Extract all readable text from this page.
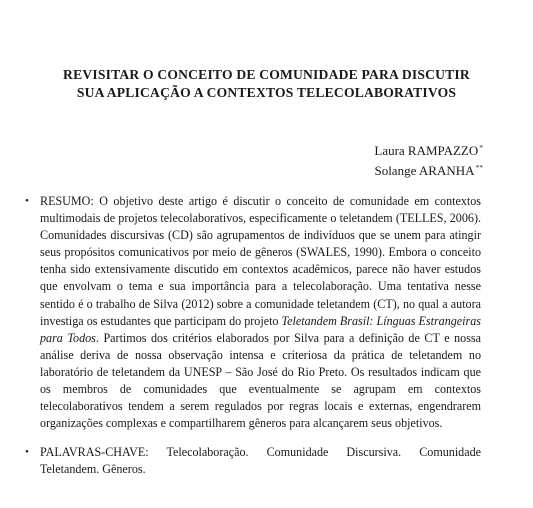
REVISITAR O CONCEITO DE COMUNIDADE PARA DISCUTIR
SUA APLICAÇÃO A CONTEXTOS TELECOLABORATIVOS
Laura RAMPAZZO*
Solange ARANHA**
• RESUMO: O objetivo deste artigo é discutir o conceito de comunidade em contextos multimodais de projetos telecolaborativos, especificamente o teletandem (TELLES, 2006). Comunidades discursivas (CD) são agrupamentos de indivíduos que se unem para atingir seus propósitos comunicativos por meio de gêneros (SWALES, 1990). Embora o conceito tenha sido extensivamente discutido em contextos acadêmicos, parece não haver estudos que envolvam o tema e sua importância para a telecolaboração. Uma tentativa nesse sentido é o trabalho de Silva (2012) sobre a comunidade teletandem (CT), no qual a autora investiga os estudantes que participam do projeto Teletandem Brasil: Línguas Estrangeiras para Todos. Partimos dos critérios elaborados por Silva para a definição de CT e nossa análise deriva de nossa observação intensa e criteriosa da prática de teletandem no laboratório de teletandem da UNESP – São José do Rio Preto. Os resultados indicam que os membros de comunidades que eventualmente se agrupam em contextos telecolaborativos tendem a serem regulados por regras locais e externas, engendrarem organizações complexas e compartilharem gêneros para alcançarem seus objetivos.
• PALAVRAS-CHAVE: Telecolaboração. Comunidade Discursiva. Comunidade Teletandem. Gêneros.
